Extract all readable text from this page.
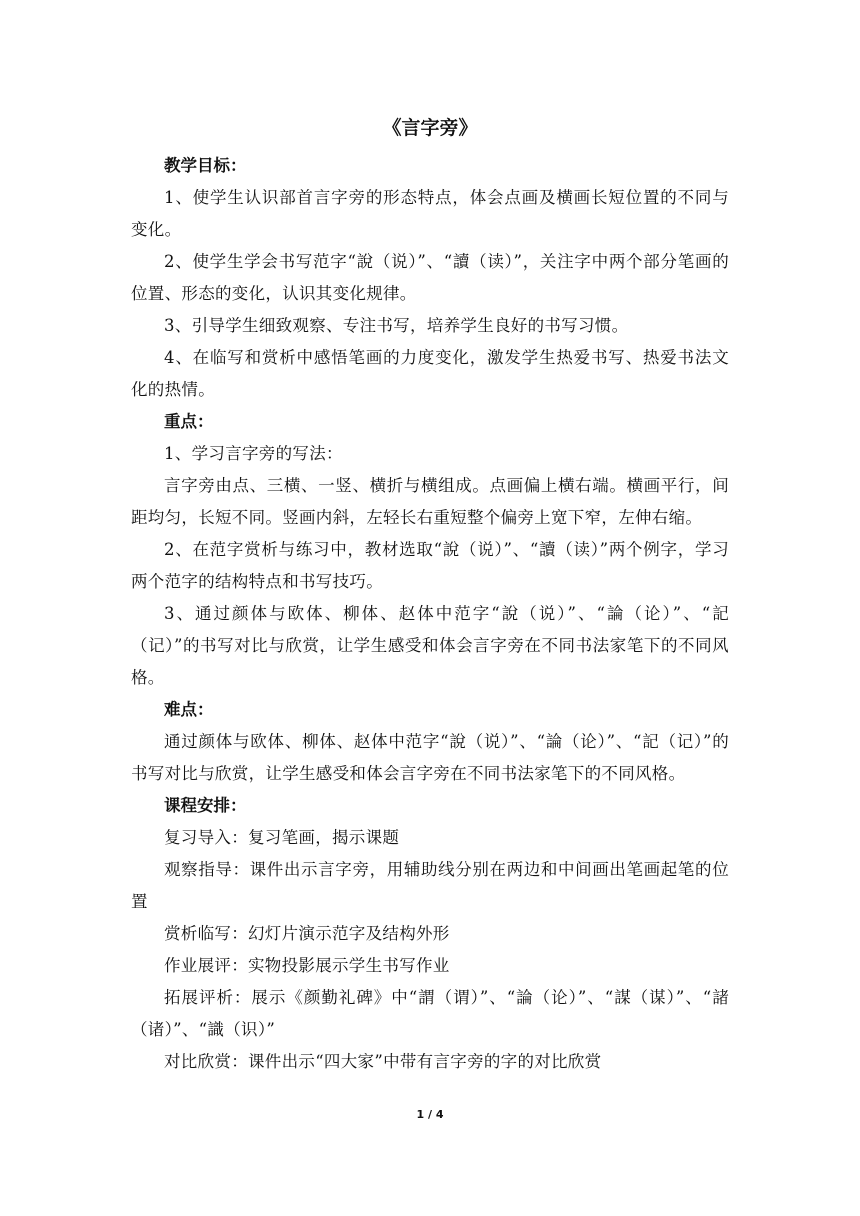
《言字旁》
教学目标：

1、使学生认识部首言字旁的形态特点，体会点画及横画长短位置的不同与变化。

2、使学生学会书写范字“說（说）”、“讀（读）”，关注字中两个部分笔画的位置、形态的变化，认识其变化规律。

3、引导学生细致观察、专注书写，培养学生良好的书写习惯。

4、在临写和赏析中感悟笔画的力度变化，激发学生热爱书写、热爱书法文化的热情。

重点：

1、学习言字旁的写法：

言字旁由点、三横、一竖、横折与横组成。点画偏上横右端。横画平行，间距均匀，长短不同。竖画内斜，左轻长右重短整个偏旁上宽下窄，左伸右缩。

2、在范字赏析与练习中，教材选取“說（说）”、“讀（读）”两个例字，学习两个范字的结构特点和书写技巧。

3、通过颜体与欧体、柳体、赵体中范字“說（说）”、“論（论）”、“記（记）”的书写对比与欣赏，让学生感受和体会言字旁在不同书法家笔下的不同风格。

难点：

通过颜体与欧体、柳体、赵体中范字“說（说）”、“論（论）”、“記（记）”的书写对比与欣赏，让学生感受和体会言字旁在不同书法家笔下的不同风格。

课程安排：

复习导入：复习笔画，揭示课题

观察指导：课件出示言字旁，用辅助线分别在两边和中间画出笔画起笔的位置

赏析临写：幻灯片演示范字及结构外形

作业展评：实物投影展示学生书写作业

拓展评析：展示《颜勤礼碑》中“謂（谓）”、“論（论）”、“謀（谋）”、“諸（诸）”、“識（识）”

对比欣赏：课件出示“四大家”中带有言字旁的字的对比欣赏

1 / 4
